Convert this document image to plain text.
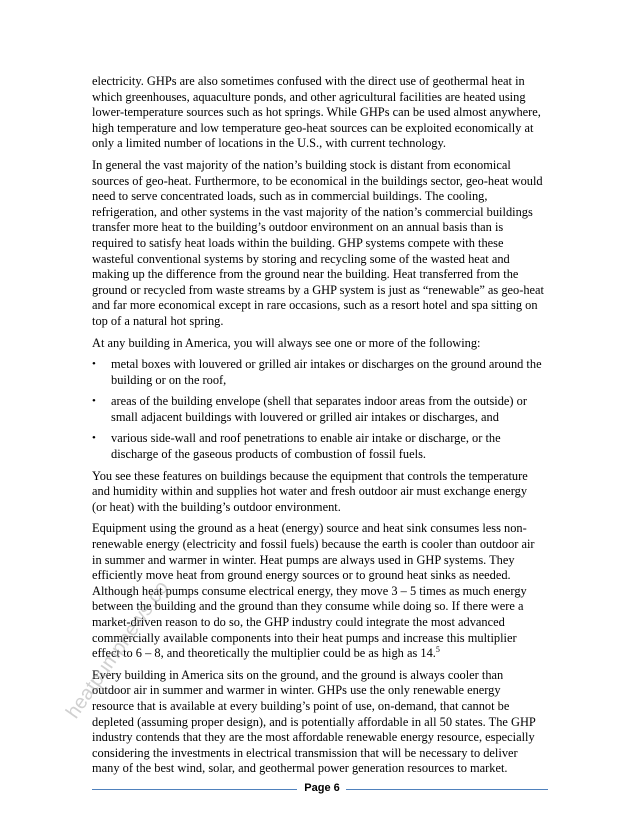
electricity. GHPs are also sometimes confused with the direct use of geothermal heat in which greenhouses, aquaculture ponds, and other agricultural facilities are heated using lower-temperature sources such as hot springs. While GHPs can be used almost anywhere, high temperature and low temperature geo-heat sources can be exploited economically at only a limited number of locations in the U.S., with current technology.

In general the vast majority of the nation’s building stock is distant from economical sources of geo-heat. Furthermore, to be economical in the buildings sector, geo-heat would need to serve concentrated loads, such as in commercial buildings. The cooling, refrigeration, and other systems in the vast majority of the nation’s commercial buildings transfer more heat to the building’s outdoor environment on an annual basis than is required to satisfy heat loads within the building. GHP systems compete with these wasteful conventional systems by storing and recycling some of the wasted heat and making up the difference from the ground near the building. Heat transferred from the ground or recycled from waste streams by a GHP system is just as “renewable” as geo-heat and far more economical except in rare occasions, such as a resort hotel and spa sitting on top of a natural hot spring.

At any building in America, you will always see one or more of the following:

• metal boxes with louvered or grilled air intakes or discharges on the ground around the building or on the roof,
• areas of the building envelope (shell that separates indoor areas from the outside) or small adjacent buildings with louvered or grilled air intakes or discharges, and
• various side-wall and roof penetrations to enable air intake or discharge, or the discharge of the gaseous products of combustion of fossil fuels.

You see these features on buildings because the equipment that controls the temperature and humidity within and supplies hot water and fresh outdoor air must exchange energy (or heat) with the building’s outdoor environment.

Equipment using the ground as a heat (energy) source and heat sink consumes less non-renewable energy (electricity and fossil fuels) because the earth is cooler than outdoor air in summer and warmer in winter. Heat pumps are always used in GHP systems. They efficiently move heat from ground energy sources or to ground heat sinks as needed. Although heat pumps consume electrical energy, they move 3 – 5 times as much energy between the building and the ground than they consume while doing so. If there were a market-driven reason to do so, the GHP industry could integrate the most advanced commercially available components into their heat pumps and increase this multiplier effect to 6 – 8, and theoretically the multiplier could be as high as 14.$^5$

Every building in America sits on the ground, and the ground is always cooler than outdoor air in summer and warmer in winter. GHPs use the only renewable energy resource that is available at every building’s point of use, on-demand, that cannot be depleted (assuming proper design), and is potentially affordable in all 50 states. The GHP industry contends that they are the most affordable renewable energy resource, especially considering the investments in electrical transmission that will be necessary to deliver many of the best wind, solar, and geothermal power generation resources to market.

heatpumpnews.co
Page 6
